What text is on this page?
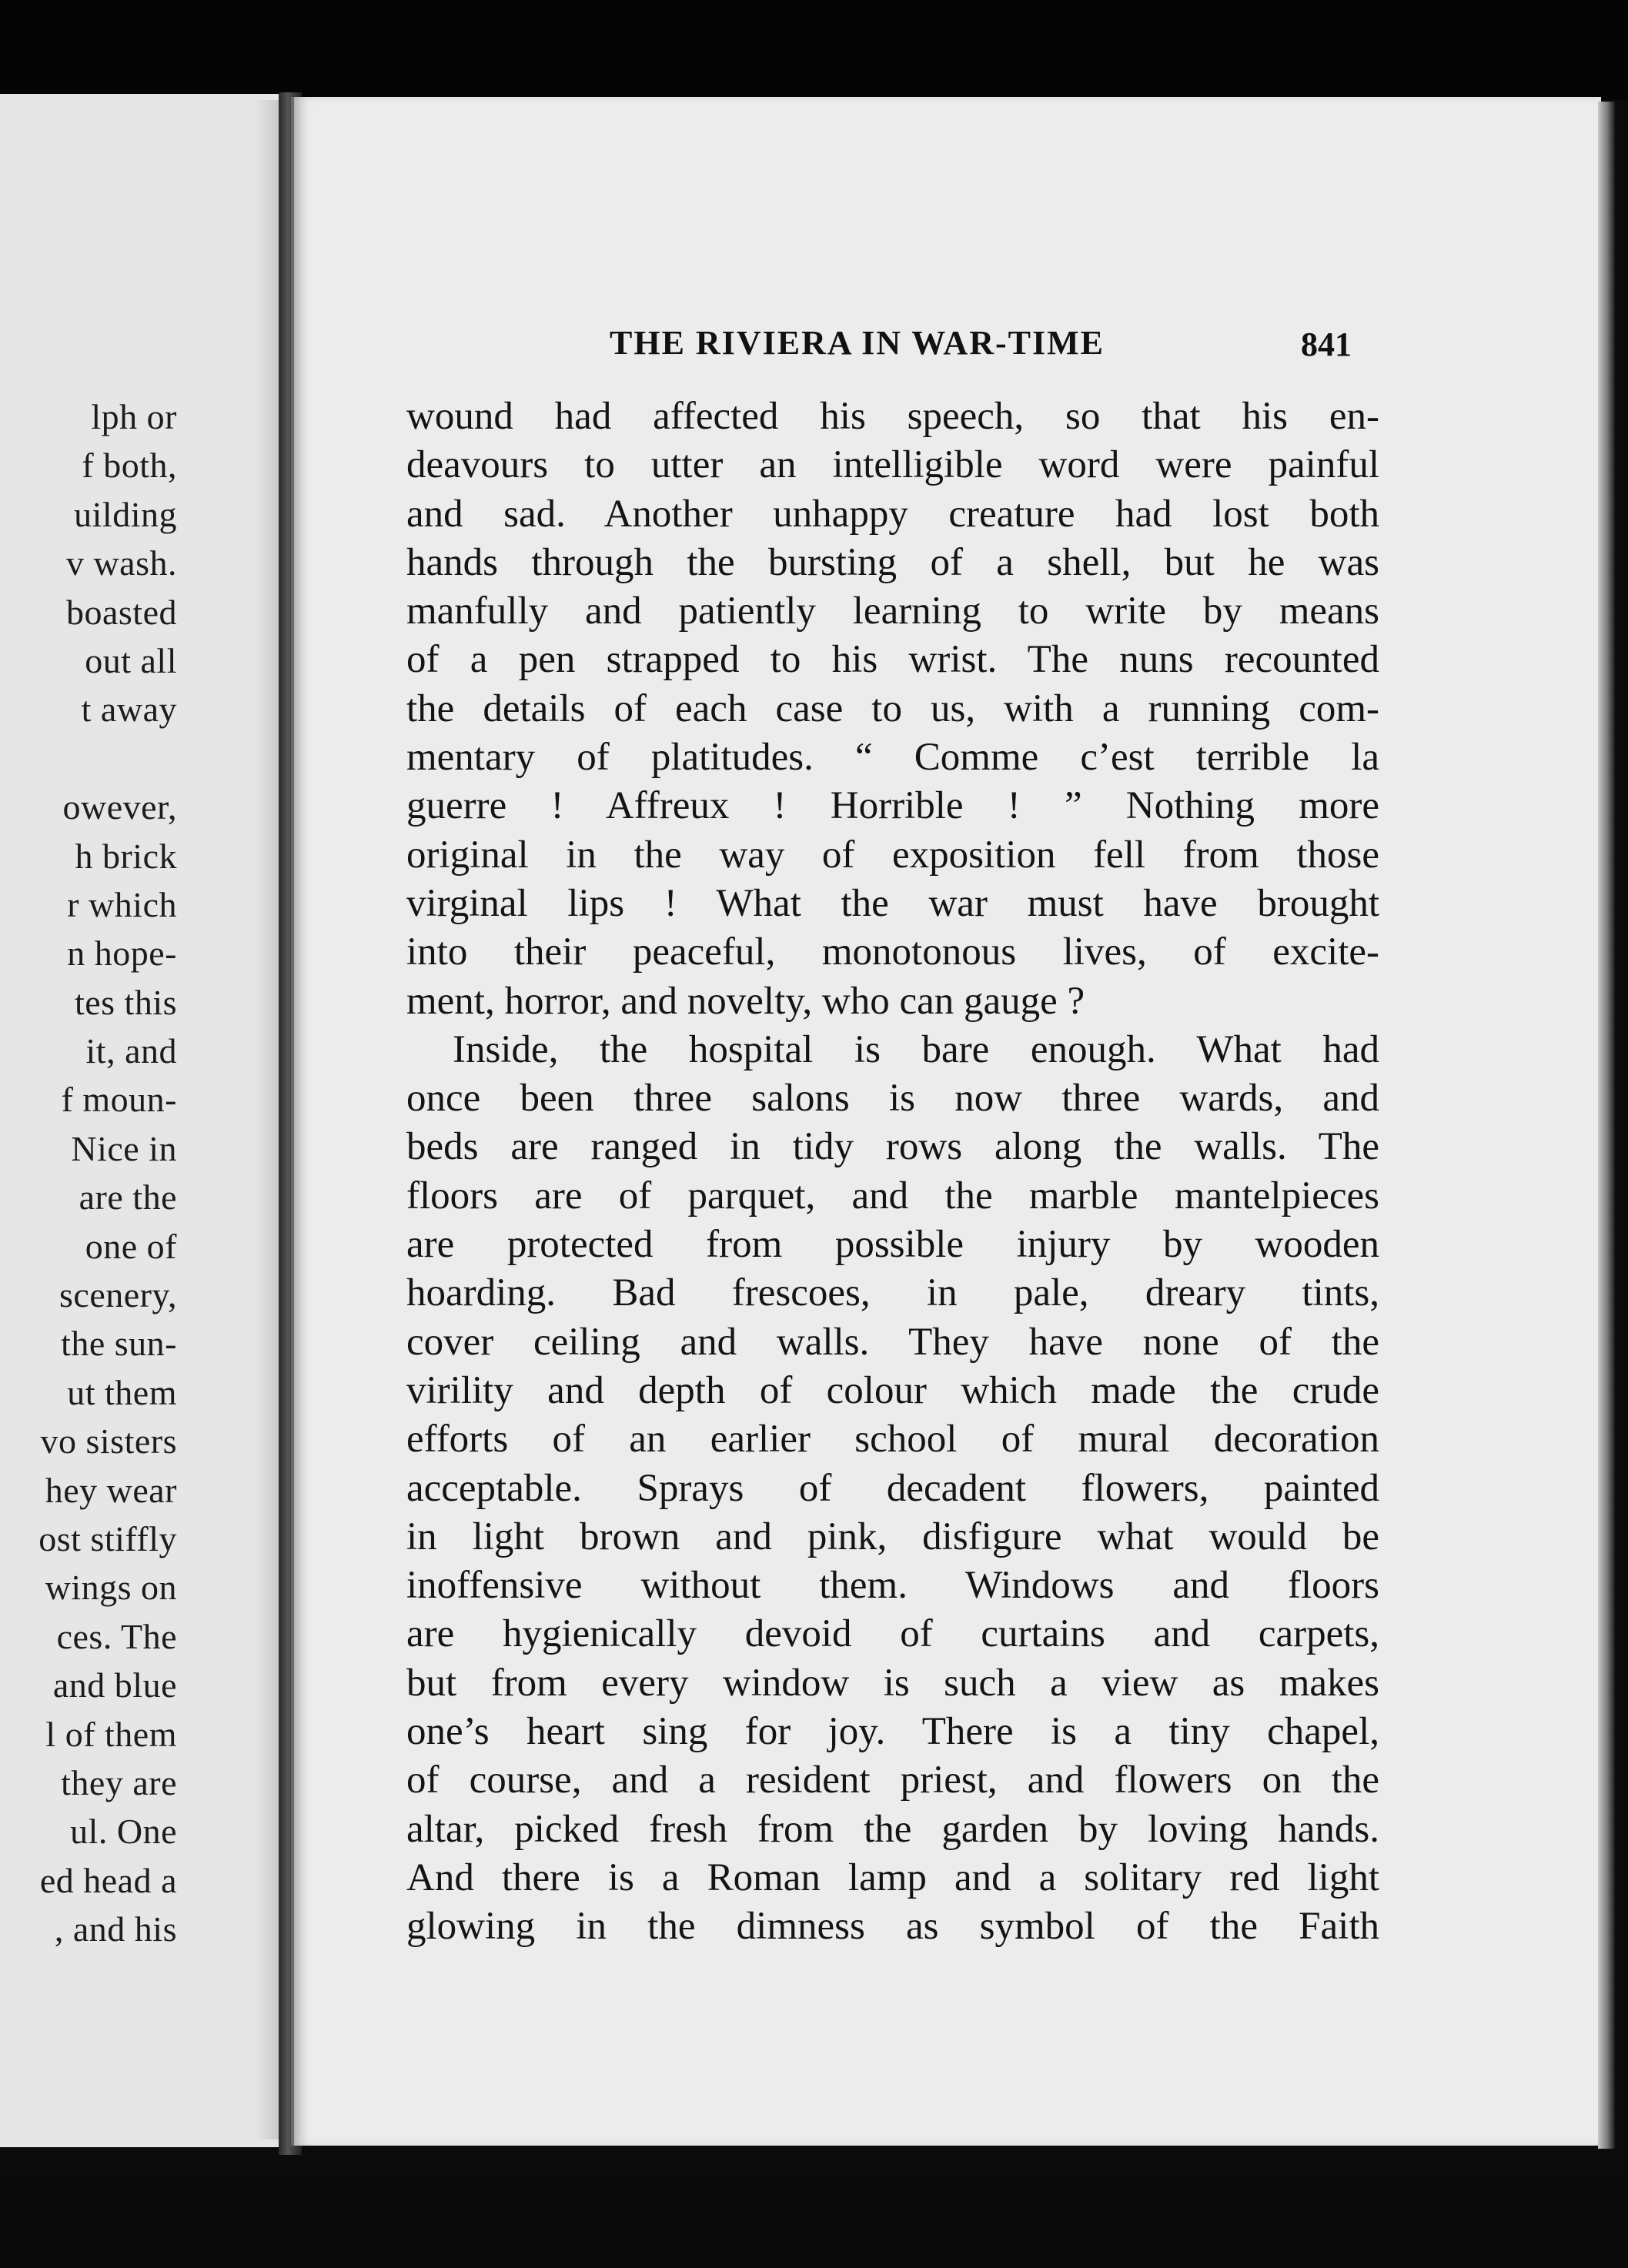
lph or
f both,
uilding
v wash.
boasted
out all
t away
owever,
h brick
r which
n hope-
tes this
it, and
f moun-
Nice in
are the
one of
scenery,
the sun-
ut them
vo sisters
hey wear
ost stiffly
wings on
ces. The
and blue
l of them
they are
ul. One
ed head a
, and his
THE RIVIERA IN WAR-TIME	841
wound had affected his speech, so that his en-
deavours to utter an intelligible word were painful
and sad. Another unhappy creature had lost both
hands through the bursting of a shell, but he was
manfully and patiently learning to write by means
of a pen strapped to his wrist. The nuns recounted
the details of each case to us, with a running com-
mentary of platitudes. “ Comme c’est terrible la
guerre ! Affreux ! Horrible ! ” Nothing more
original in the way of exposition fell from those
virginal lips ! What the war must have brought
into their peaceful, monotonous lives, of excite-
ment, horror, and novelty, who can gauge ?
Inside, the hospital is bare enough. What had
once been three salons is now three wards, and
beds are ranged in tidy rows along the walls. The
floors are of parquet, and the marble mantelpieces
are protected from possible injury by wooden
hoarding. Bad frescoes, in pale, dreary tints,
cover ceiling and walls. They have none of the
virility and depth of colour which made the crude
efforts of an earlier school of mural decoration
acceptable. Sprays of decadent flowers, painted
in light brown and pink, disfigure what would be
inoffensive without them. Windows and floors
are hygienically devoid of curtains and carpets,
but from every window is such a view as makes
one’s heart sing for joy. There is a tiny chapel,
of course, and a resident priest, and flowers on the
altar, picked fresh from the garden by loving hands.
And there is a Roman lamp and a solitary red light
glowing in the dimness as symbol of the Faith
